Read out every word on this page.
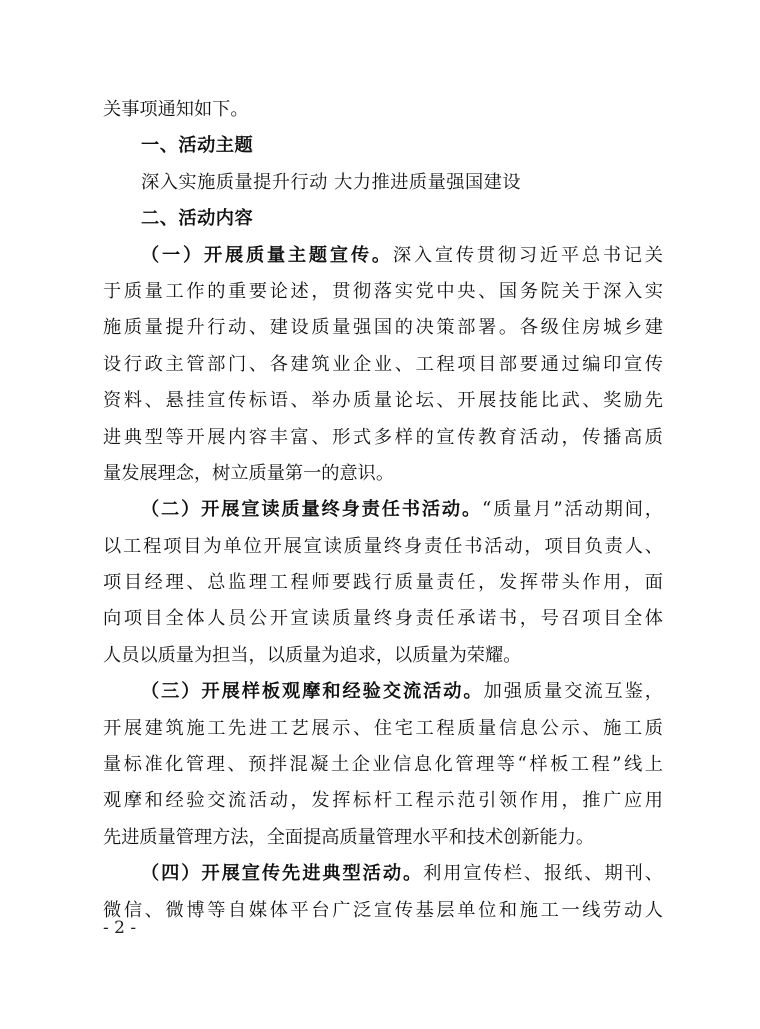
关事项通知如下。
一、活动主题
深入实施质量提升行动 大力推进质量强国建设
二、活动内容
（一）开展质量主题宣传。深入宣传贯彻习近平总书记关
于质量工作的重要论述，贯彻落实党中央、国务院关于深入实
施质量提升行动、建设质量强国的决策部署。各级住房城乡建
设行政主管部门、各建筑业企业、工程项目部要通过编印宣传
资料、悬挂宣传标语、举办质量论坛、开展技能比武、奖励先
进典型等开展内容丰富、形式多样的宣传教育活动，传播高质
量发展理念，树立质量第一的意识。
（二）开展宣读质量终身责任书活动。“质量月”活动期间，
以工程项目为单位开展宣读质量终身责任书活动，项目负责人、
项目经理、总监理工程师要践行质量责任，发挥带头作用，面
向项目全体人员公开宣读质量终身责任承诺书，号召项目全体
人员以质量为担当，以质量为追求，以质量为荣耀。
（三）开展样板观摩和经验交流活动。加强质量交流互鉴，
开展建筑施工先进工艺展示、住宅工程质量信息公示、施工质
量标准化管理、预拌混凝土企业信息化管理等“样板工程”线上
观摩和经验交流活动，发挥标杆工程示范引领作用，推广应用
先进质量管理方法，全面提高质量管理水平和技术创新能力。
（四）开展宣传先进典型活动。利用宣传栏、报纸、期刊、
微信、微博等自媒体平台广泛宣传基层单位和施工一线劳动人
- 2 -
